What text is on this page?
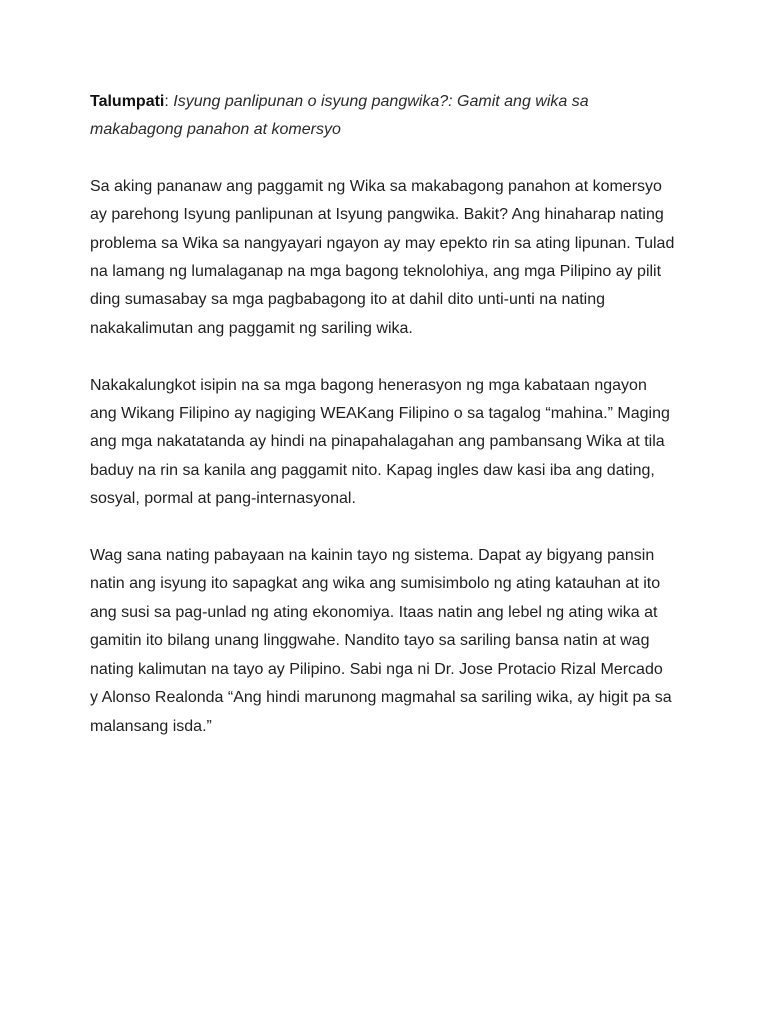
Talumpati: Isyung panlipunan o isyung pangwika?: Gamit ang wika sa makabagong panahon at komersyo

Sa aking pananaw ang paggamit ng Wika sa makabagong panahon at komersyo ay parehong Isyung panlipunan at Isyung pangwika. Bakit? Ang hinaharap nating problema sa Wika sa nangyayari ngayon ay may epekto rin sa ating lipunan. Tulad na lamang ng lumalaganap na mga bagong teknolohiya, ang mga Pilipino ay pilit ding sumasabay sa mga pagbabagong ito at dahil dito unti-unti na nating nakakalimutan ang paggamit ng sariling wika.

Nakakalungkot isipin na sa mga bagong henerasyon ng mga kabataan ngayon ang Wikang Filipino ay nagiging WEAKang Filipino o sa tagalog “mahina.” Maging ang mga nakatatanda ay hindi na pinapahalagahan ang pambansang Wika at tila baduy na rin sa kanila ang paggamit nito. Kapag ingles daw kasi iba ang dating, sosyal, pormal at pang-internasyonal.

Wag sana nating pabayaan na kainin tayo ng sistema. Dapat ay bigyang pansin natin ang isyung ito sapagkat ang wika ang sumisimbolo ng ating katauhan at ito ang susi sa pag-unlad ng ating ekonomiya. Itaas natin ang lebel ng ating wika at gamitin ito bilang unang linggwahe. Nandito tayo sa sariling bansa natin at wag nating kalimutan na tayo ay Pilipino. Sabi nga ni Dr. Jose Protacio Rizal Mercado y Alonso Realonda “Ang hindi marunong magmahal sa sariling wika, ay higit pa sa malansang isda.”
